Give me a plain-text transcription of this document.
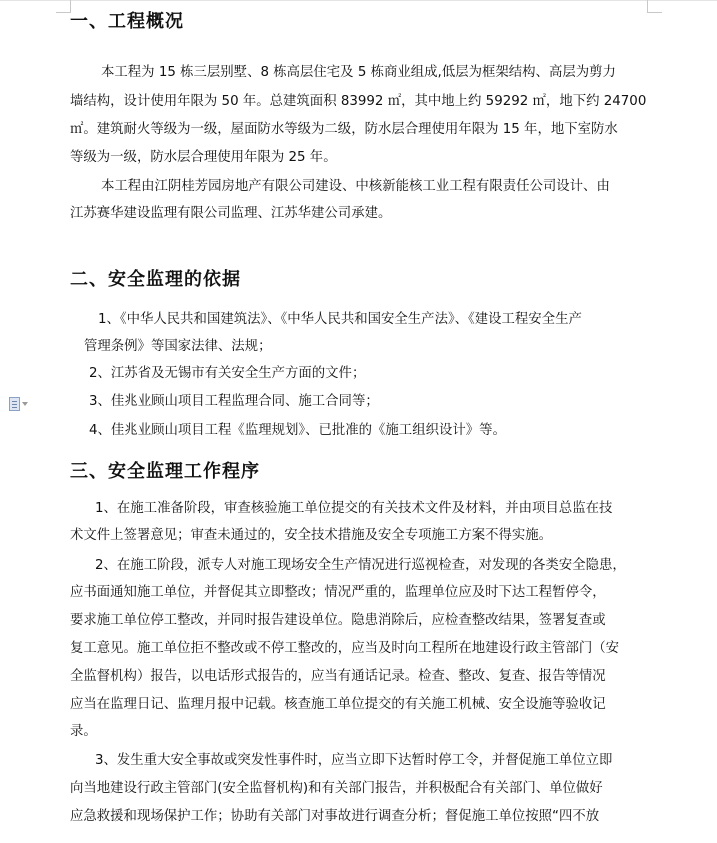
一、工程概况
本工程为 15 栋三层别墅、8 栋高层住宅及 5 栋商业组成,低层为框架结构、高层为剪力
墙结构，设计使用年限为 50 年。总建筑面积 83992 ㎡，其中地上约 59292 ㎡，地下约 24700
㎡。建筑耐火等级为一级，屋面防水等级为二级，防水层合理使用年限为 15 年，地下室防水
等级为一级，防水层合理使用年限为 25 年。
本工程由江阴桂芳园房地产有限公司建设、中核新能核工业工程有限责任公司设计、由
江苏赛华建设监理有限公司监理、江苏华建公司承建。
二、安全监理的依据
1、《中华人民共和国建筑法》、《中华人民共和国安全生产法》、《建设工程安全生产
管理条例》等国家法律、法规；
2、江苏省及无锡市有关安全生产方面的文件；
3、佳兆业顾山项目工程监理合同、施工合同等；
4、佳兆业顾山项目工程《监理规划》、已批准的《施工组织设计》等。
三、安全监理工作程序
1、在施工准备阶段，审查核验施工单位提交的有关技术文件及材料，并由项目总监在技
术文件上签署意见；审查未通过的，安全技术措施及安全专项施工方案不得实施。
2、在施工阶段，派专人对施工现场安全生产情况进行巡视检查，对发现的各类安全隐患，
应书面通知施工单位，并督促其立即整改；情况严重的，监理单位应及时下达工程暂停令，
要求施工单位停工整改，并同时报告建设单位。隐患消除后，应检查整改结果，签署复查或
复工意见。施工单位拒不整改或不停工整改的，应当及时向工程所在地建设行政主管部门（安
全监督机构）报告，以电话形式报告的，应当有通话记录。检查、整改、复查、报告等情况
应当在监理日记、监理月报中记载。核查施工单位提交的有关施工机械、安全设施等验收记
录。
3、发生重大安全事故或突发性事件时，应当立即下达暂时停工令，并督促施工单位立即
向当地建设行政主管部门(安全监督机构)和有关部门报告，并积极配合有关部门、单位做好
应急救援和现场保护工作；协助有关部门对事故进行调查分析；督促施工单位按照“四不放
